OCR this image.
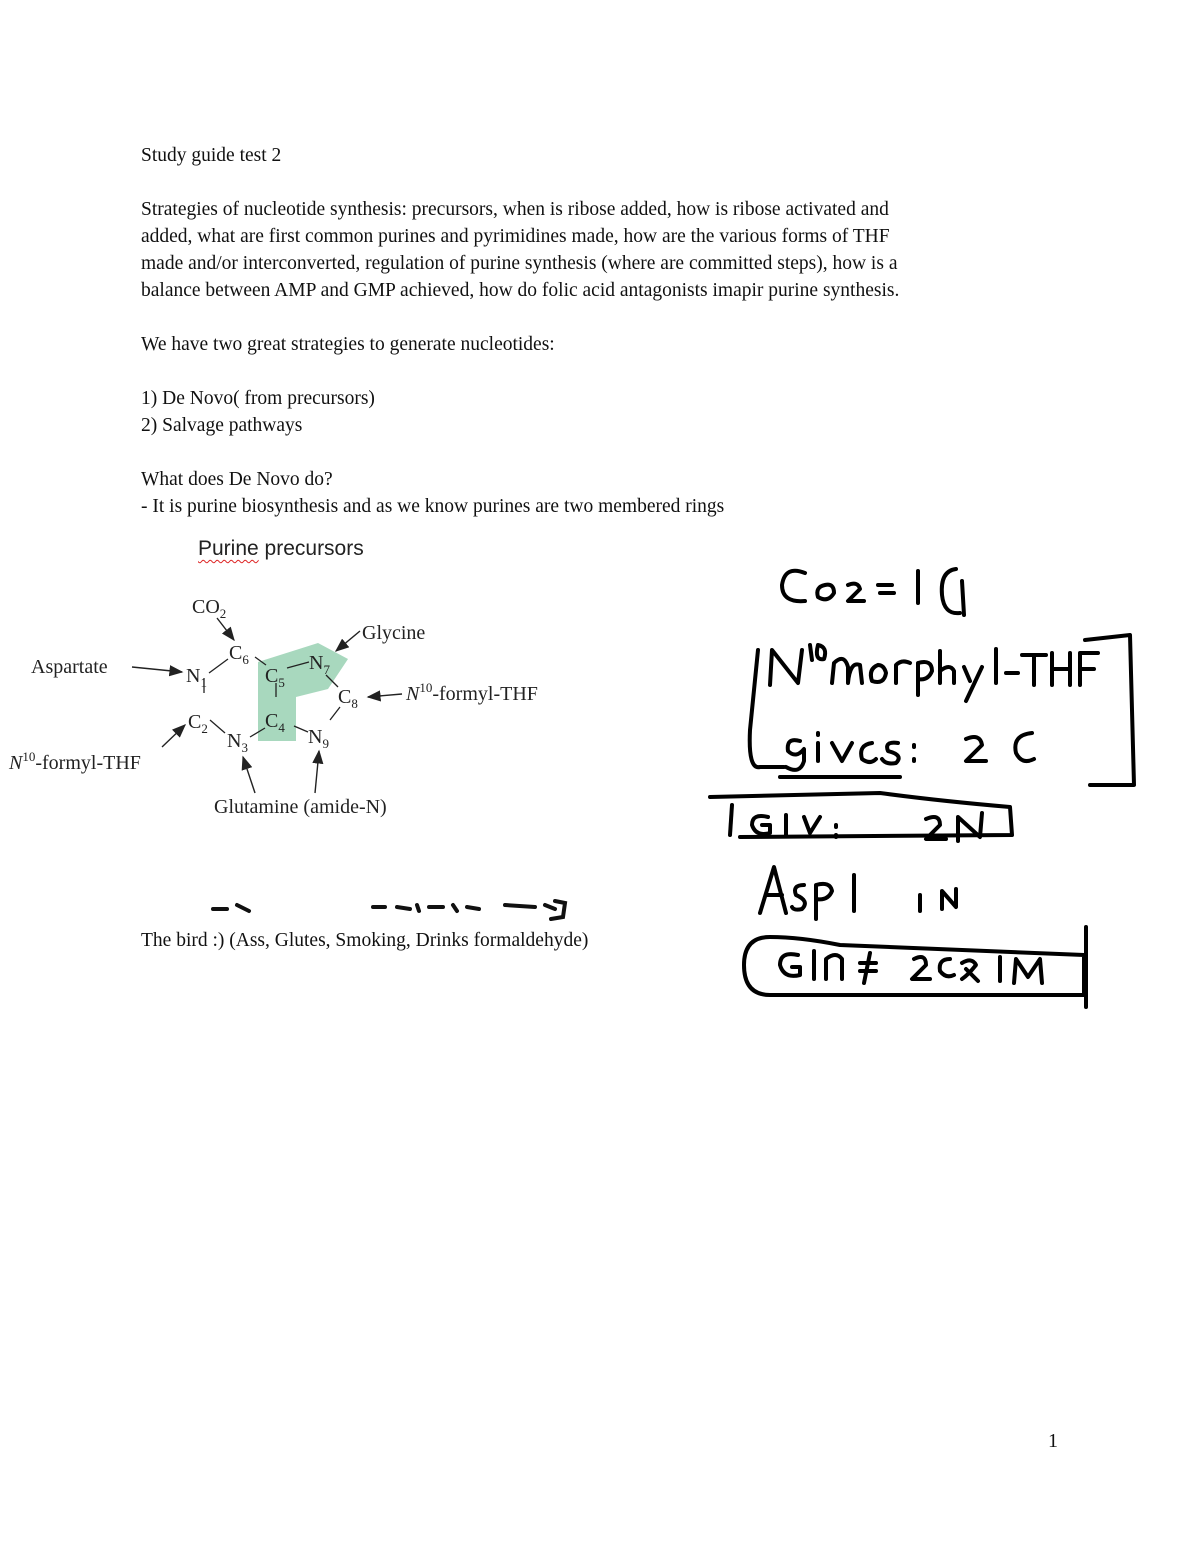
Study guide test 2

Strategies of nucleotide synthesis: precursors, when is ribose added, how is ribose activated and

added, what are first common purines and pyrimidines made, how are the various forms of THF

made and/or interconverted, regulation of purine synthesis (where are committed steps), how is a

balance between AMP and GMP achieved, how do folic acid antagonists imapir purine synthesis.

We have two great strategies to generate nucleotides:

1) De Novo( from precursors)

2) Salvage pathways

What does De Novo do?

- It is purine biosynthesis and as we know purines are two membered rings

Purine precursors
$N_1$
$C_2$
$N_3$
$C_4$
$C_5$
$C_6$	$N_7$
$C_8$
$N_9$
$CO_2$
Glycine
Aspartate
$N^{10}-formyl$-THF
$N^{10}-formyl$-THF
Glutamine (amide-N)

The bird :) (Ass, Glutes, Smoking, Drinks formaldehyde)

1
